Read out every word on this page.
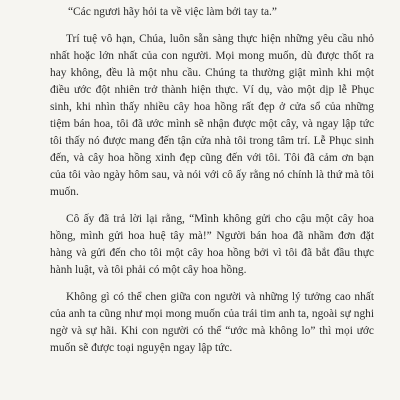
“Các ngươi hãy hỏi ta về việc làm bởi tay ta.”

Trí tuệ vô hạn, Chúa, luôn sẵn sàng thực hiện những yêu cầu nhỏ nhất hoặc lớn nhất của con người. Mọi mong muốn, dù được thốt ra hay không, đều là một nhu cầu. Chúng ta thường giật mình khi một điều ước đột nhiên trở thành hiện thực. Ví dụ, vào một dịp lễ Phục sinh, khi nhìn thấy nhiều cây hoa hồng rất đẹp ở cửa sổ của những tiệm bán hoa, tôi đã ước mình sẽ nhận được một cây, và ngay lập tức tôi thấy nó được mang đến tận cửa nhà tôi trong tâm trí. Lễ Phục sinh đến, và cây hoa hồng xinh đẹp cũng đến với tôi. Tôi đã cảm ơn bạn của tôi vào ngày hôm sau, và nói với cô ấy rằng nó chính là thứ mà tôi muốn.

Cô ấy đã trả lời lại rằng, “Mình không gửi cho cậu một cây hoa hồng, mình gửi hoa huệ tây mà!” Người bán hoa đã nhầm đơn đặt hàng và gửi đến cho tôi một cây hoa hồng bởi vì tôi đã bắt đầu thực hành luật, và tôi phải có một cây hoa hồng.

Không gì có thể chen giữa con người và những lý tưởng cao nhất của anh ta cũng như mọi mong muốn của trái tim anh ta, ngoài sự nghi ngờ và sự hãi. Khi con người có thể “ước mà không lo” thì mọi ước muốn sẽ được toại nguyện ngay lập tức.
